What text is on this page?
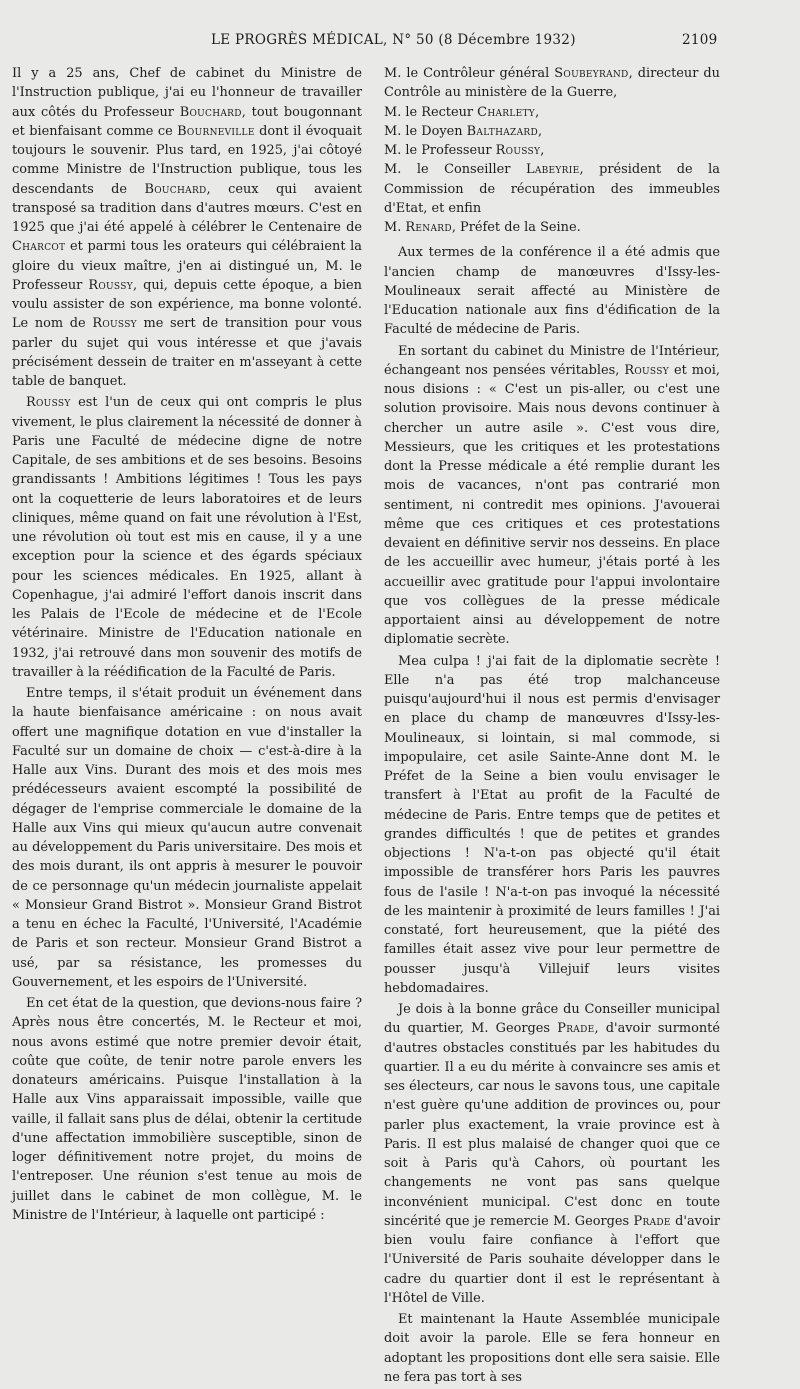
LE PROGRÈS MÉDICAL, N° 50 (8 Décembre 1932)	2109

Il y a 25 ans, Chef de cabinet du Ministre de l'Instruction publique, j'ai eu l'honneur de travailler aux côtés du Professeur Bouchard, tout bougonnant et bienfaisant comme ce Bourneville dont il évoquait toujours le souvenir. Plus tard, en 1925, j'ai côtoyé comme Ministre de l'Instruction publique, tous les descendants de Bouchard, ceux qui avaient transposé sa tradition dans d'autres mœurs. C'est en 1925 que j'ai été appelé à célébrer le Centenaire de Charcot et parmi tous les orateurs qui célébraient la gloire du vieux maître, j'en ai distingué un, M. le Professeur Roussy, qui, depuis cette époque, a bien voulu assister de son expérience, ma bonne volonté. Le nom de Roussy me sert de transition pour vous parler du sujet qui vous intéresse et que j'avais précisément dessein de traiter en m'asseyant à cette table de banquet.

Roussy est l'un de ceux qui ont compris le plus vivement, le plus clairement la nécessité de donner à Paris une Faculté de médecine digne de notre Capitale, de ses ambitions et de ses besoins. Besoins grandissants ! Ambitions légitimes ! Tous les pays ont la coquetterie de leurs laboratoires et de leurs cliniques, même quand on fait une révolution à l'Est, une révolution où tout est mis en cause, il y a une exception pour la science et des égards spéciaux pour les sciences médicales. En 1925, allant à Copenhague, j'ai admiré l'effort danois inscrit dans les Palais de l'Ecole de médecine et de l'Ecole vétérinaire. Ministre de l'Education nationale en 1932, j'ai retrouvé dans mon souvenir des motifs de travailler à la réédification de la Faculté de Paris.

Entre temps, il s'était produit un événement dans la haute bienfaisance américaine : on nous avait offert une magnifique dotation en vue d'installer la Faculté sur un domaine de choix — c'est-à-dire à la Halle aux Vins. Durant des mois et des mois mes prédécesseurs avaient escompté la possibilité de dégager de l'emprise commerciale le domaine de la Halle aux Vins qui mieux qu'aucun autre convenait au développement du Paris universitaire. Des mois et des mois durant, ils ont appris à mesurer le pouvoir de ce personnage qu'un médecin journaliste appelait « Monsieur Grand Bistrot ». Monsieur Grand Bistrot a tenu en échec la Faculté, l'Université, l'Académie de Paris et son recteur. Monsieur Grand Bistrot a usé, par sa résistance, les promesses du Gouvernement, et les espoirs de l'Université.

En cet état de la question, que devions-nous faire ? Après nous être concertés, M. le Recteur et moi, nous avons estimé que notre premier devoir était, coûte que coûte, de tenir notre parole envers les donateurs américains. Puisque l'installation à la Halle aux Vins apparaissait impossible, vaille que vaille, il fallait sans plus de délai, obtenir la certitude d'une affectation immobilière susceptible, sinon de loger définitivement notre projet, du moins de l'entreposer. Une réunion s'est tenue au mois de juillet dans le cabinet de mon collègue, M. le Ministre de l'Intérieur, à laquelle ont participé :

M. le Contrôleur général Soubeyrand, directeur du Contrôle au ministère de la Guerre,

M. le Recteur Charlety,

M. le Doyen Balthazard,

M. le Professeur Roussy,

M. le Conseiller Labeyrie, président de la Commission de récupération des immeubles d'Etat, et enfin

M. Renard, Préfet de la Seine.

Aux termes de la conférence il a été admis que l'ancien champ de manœuvres d'Issy-les-Moulineaux serait affecté au Ministère de l'Education nationale aux fins d'édification de la Faculté de médecine de Paris.

En sortant du cabinet du Ministre de l'Intérieur, échangeant nos pensées véritables, Roussy et moi, nous disions : « C'est un pis-aller, ou c'est une solution provisoire. Mais nous devons continuer à chercher un autre asile ». C'est vous dire, Messieurs, que les critiques et les protestations dont la Presse médicale a été remplie durant les mois de vacances, n'ont pas contrarié mon sentiment, ni contredit mes opinions. J'avouerai même que ces critiques et ces protestations devaient en définitive servir nos desseins. En place de les accueillir avec humeur, j'étais porté à les accueillir avec gratitude pour l'appui involontaire que vos collègues de la presse médicale apportaient ainsi au développement de notre diplomatie secrète.

Mea culpa ! j'ai fait de la diplomatie secrète ! Elle n'a pas été trop malchanceuse puisqu'aujourd'hui il nous est permis d'envisager en place du champ de manœuvres d'Issy-les-Moulineaux, si lointain, si mal commode, si impopulaire, cet asile Sainte-Anne dont M. le Préfet de la Seine a bien voulu envisager le transfert à l'Etat au profit de la Faculté de médecine de Paris. Entre temps que de petites et grandes difficultés ! que de petites et grandes objections ! N'a-t-on pas objecté qu'il était impossible de transférer hors Paris les pauvres fous de l'asile ! N'a-t-on pas invoqué la nécessité de les maintenir à proximité de leurs familles ! J'ai constaté, fort heureusement, que la piété des familles était assez vive pour leur permettre de pousser jusqu'à Villejuif leurs visites hebdomadaires.

Je dois à la bonne grâce du Conseiller municipal du quartier, M. Georges Prade, d'avoir surmonté d'autres obstacles constitués par les habitudes du quartier. Il a eu du mérite à convaincre ses amis et ses électeurs, car nous le savons tous, une capitale n'est guère qu'une addition de provinces ou, pour parler plus exactement, la vraie province est à Paris. Il est plus malaisé de changer quoi que ce soit à Paris qu'à Cahors, où pourtant les changements ne vont pas sans quelque inconvénient municipal. C'est donc en toute sincérité que je remercie M. Georges Prade d'avoir bien voulu faire confiance à l'effort que l'Université de Paris souhaite développer dans le cadre du quartier dont il est le représentant à l'Hôtel de Ville.

Et maintenant la Haute Assemblée municipale doit avoir la parole. Elle se fera honneur en adoptant les propositions dont elle sera saisie. Elle ne fera pas tort à ses
